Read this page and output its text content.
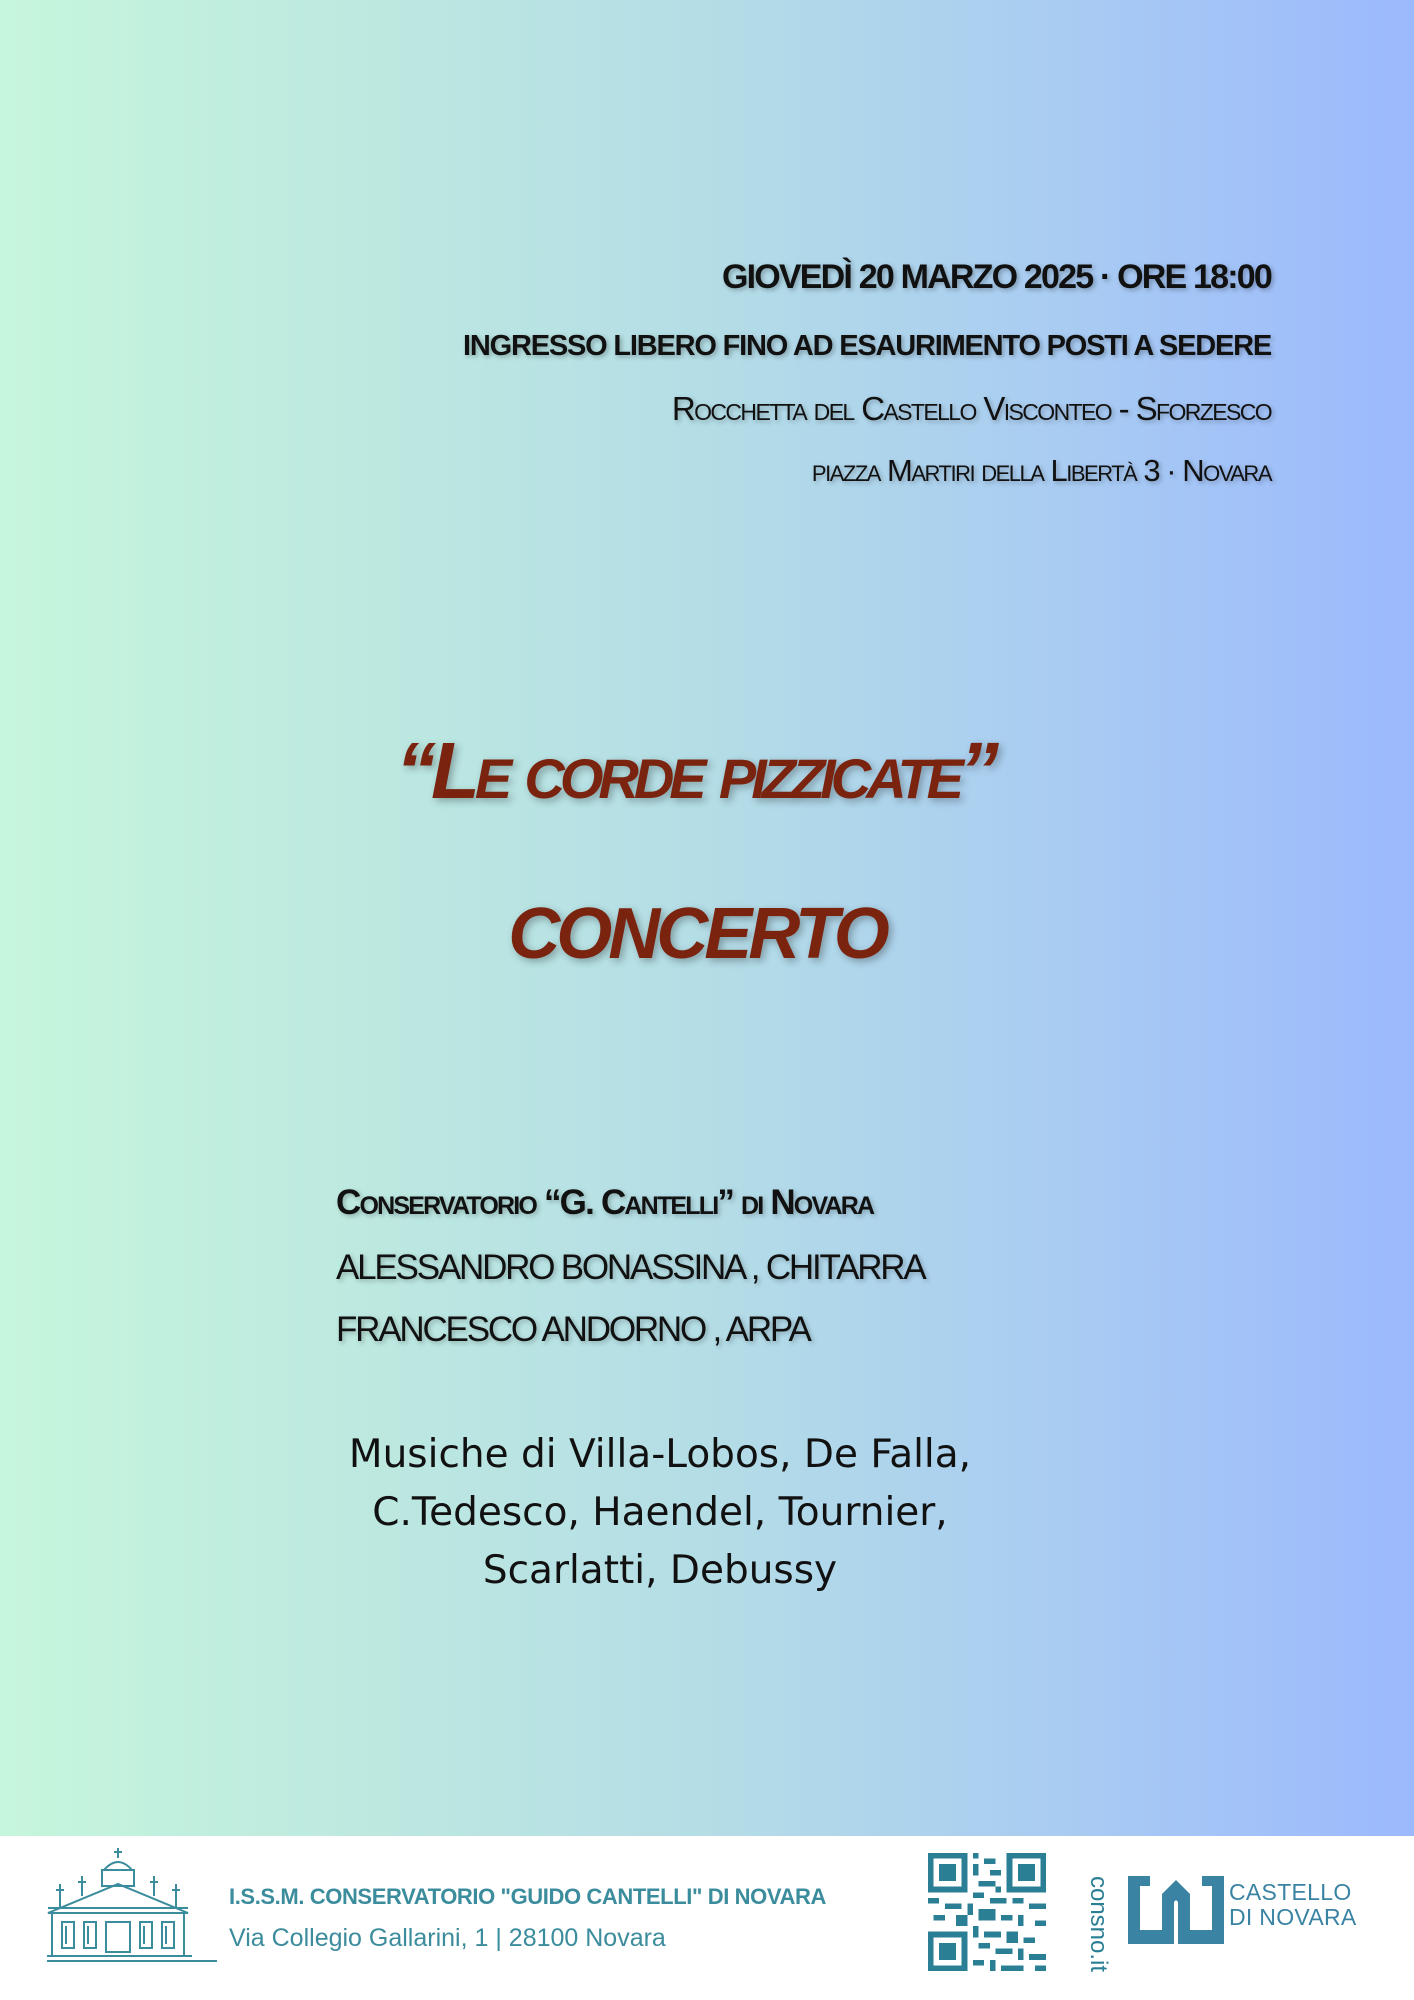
GIOVEDÌ 20 MARZO 2025 · ORE 18:00
INGRESSO LIBERO FINO AD ESAURIMENTO POSTI A SEDERE
Rocchetta del Castello Visconteo - Sforzesco
piazza Martiri della Libertà 3 · Novara
“Le corde pizzicate”
CONCERTO
Conservatorio “G. Cantelli” di Novara
ALESSANDRO BONASSINA , CHITARRA
FRANCESCO ANDORNO , ARPA
Musiche di Villa-Lobos, De Falla,
C.Tedesco, Haendel, Tournier,
Scarlatti, Debussy
I.S.S.M. CONSERVATORIO "GUIDO CANTELLI" DI NOVARA
Via Collegio Gallarini, 1 | 28100 Novara	consno.it	CASTELLO
DI NOVARA
